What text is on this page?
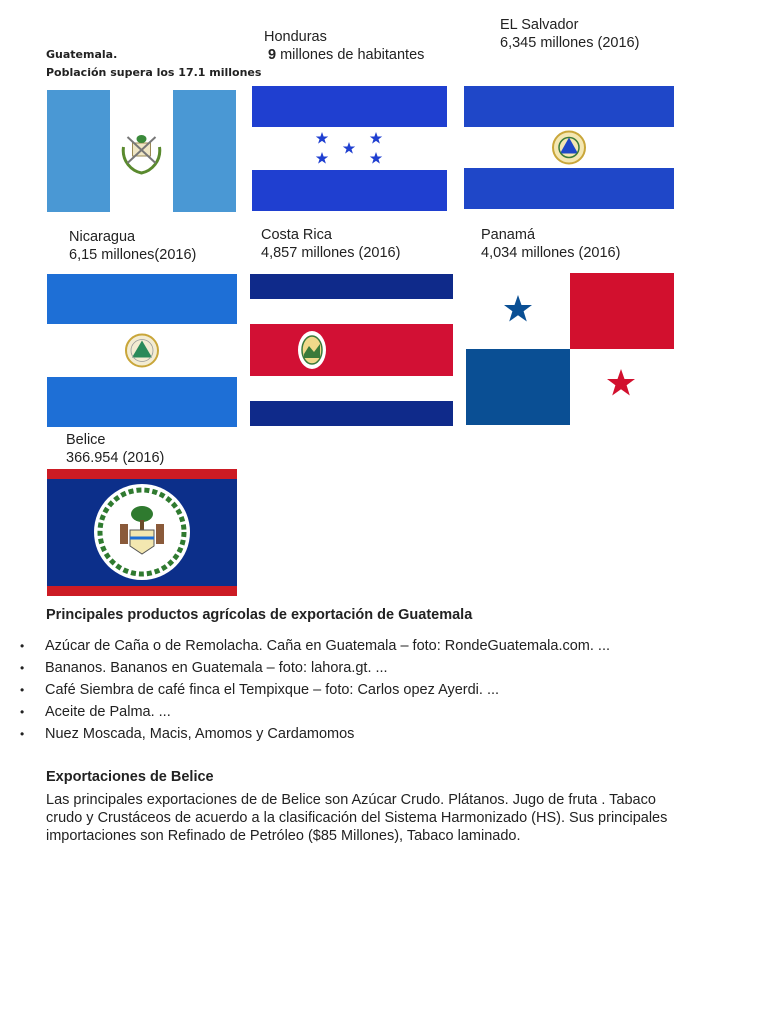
Guatemala.
Población supera los 17.1 millones
Honduras
9 millones de habitantes
EL Salvador
6,345 millones (2016)
Nicaragua
6,15 millones(2016)
Costa Rica
4,857 millones (2016)
Panamá
4,034 millones (2016)
Belice
366.954 (2016)
Principales productos agrícolas de exportación de Guatemala
• Azúcar de Caña o de Remolacha. Caña en Guatemala – foto: RondeGuatemala.com. ...
• Bananos. Bananos en Guatemala – foto: lahora.gt. ...
• Café Siembra de café finca el Tempixque – foto: Carlos opez Ayerdi. ...
• Aceite de Palma. ...
• Nuez Moscada, Macis, Amomos y Cardamomos
Exportaciones de Belice
Las principales exportaciones de de Belice son Azúcar Crudo. Plátanos. Jugo de fruta . Tabaco
crudo y Crustáceos de acuerdo a la clasificación del Sistema Harmonizado (HS). Sus principales
importaciones son Refinado de Petróleo ($85 Millones), Tabaco laminado.
